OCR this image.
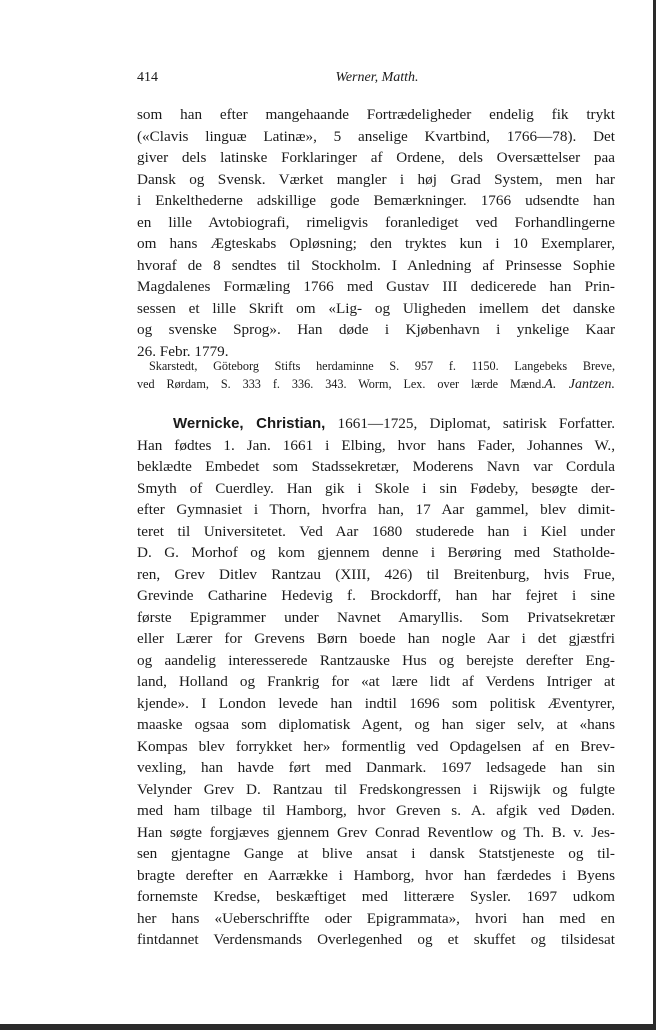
414	Werner, Matth.
som han efter mangehaande Fortrædeligheder endelig fik trykt
(«Clavis linguæ Latinæ», 5 anselige Kvartbind, 1766—78). Det
giver dels latinske Forklaringer af Ordene, dels Oversættelser paa
Dansk og Svensk. Værket mangler i høj Grad System, men har
i Enkelthederne adskillige gode Bemærkninger. 1766 udsendte han
en lille Avtobiografi, rimeligvis foranlediget ved Forhandlingerne
om hans Ægteskabs Opløsning; den tryktes kun i 10 Exemplarer,
hvoraf de 8 sendtes til Stockholm. I Anledning af Prinsesse Sophie
Magdalenes Formæling 1766 med Gustav III dedicerede han Prin-
sessen et lille Skrift om «Lig- og Uligheden imellem det danske
og svenske Sprog». Han døde i Kjøbenhavn i ynkelige Kaar
26. Febr. 1779.
Skarstedt, Göteborg Stifts herdaminne S. 957 f. 1150. Langebeks Breve,
ved Rørdam, S. 333 f. 336. 343. Worm, Lex. over lærde Mænd.A. Jantzen.
Wernicke, Christian, 1661—1725, Diplomat, satirisk Forfatter.
Han fødtes 1. Jan. 1661 i Elbing, hvor hans Fader, Johannes W.,
beklædte Embedet som Stadssekretær, Moderens Navn var Cordula
Smyth of Cuerdley. Han gik i Skole i sin Fødeby, besøgte der-
efter Gymnasiet i Thorn, hvorfra han, 17 Aar gammel, blev dimit-
teret til Universitetet. Ved Aar 1680 studerede han i Kiel under
D. G. Morhof og kom gjennem denne i Berøring med Statholde-
ren, Grev Ditlev Rantzau (XIII, 426) til Breitenburg, hvis Frue,
Grevinde Catharine Hedevig f. Brockdorff, han har fejret i sine
første Epigrammer under Navnet Amaryllis. Som Privatsekretær
eller Lærer for Grevens Børn boede han nogle Aar i det gjæstfri
og aandelig interesserede Rantzauske Hus og berejste derefter Eng-
land, Holland og Frankrig for «at lære lidt af Verdens Intriger at
kjende». I London levede han indtil 1696 som politisk Æventyrer,
maaske ogsaa som diplomatisk Agent, og han siger selv, at «hans
Kompas blev forrykket her» formentlig ved Opdagelsen af en Brev-
vexling, han havde ført med Danmark. 1697 ledsagede han sin
Velynder Grev D. Rantzau til Fredskongressen i Rijswijk og fulgte
med ham tilbage til Hamborg, hvor Greven s. A. afgik ved Døden.
Han søgte forgjæves gjennem Grev Conrad Reventlow og Th. B. v. Jes-
sen gjentagne Gange at blive ansat i dansk Statstjeneste og til-
bragte derefter en Aarrække i Hamborg, hvor han færdedes i Byens
fornemste Kredse, beskæftiget med litterære Sysler. 1697 udkom
her hans «Ueberschriffte oder Epigrammata», hvori han med en
fintdannet Verdensmands Overlegenhed og et skuffet og tilsidesat
